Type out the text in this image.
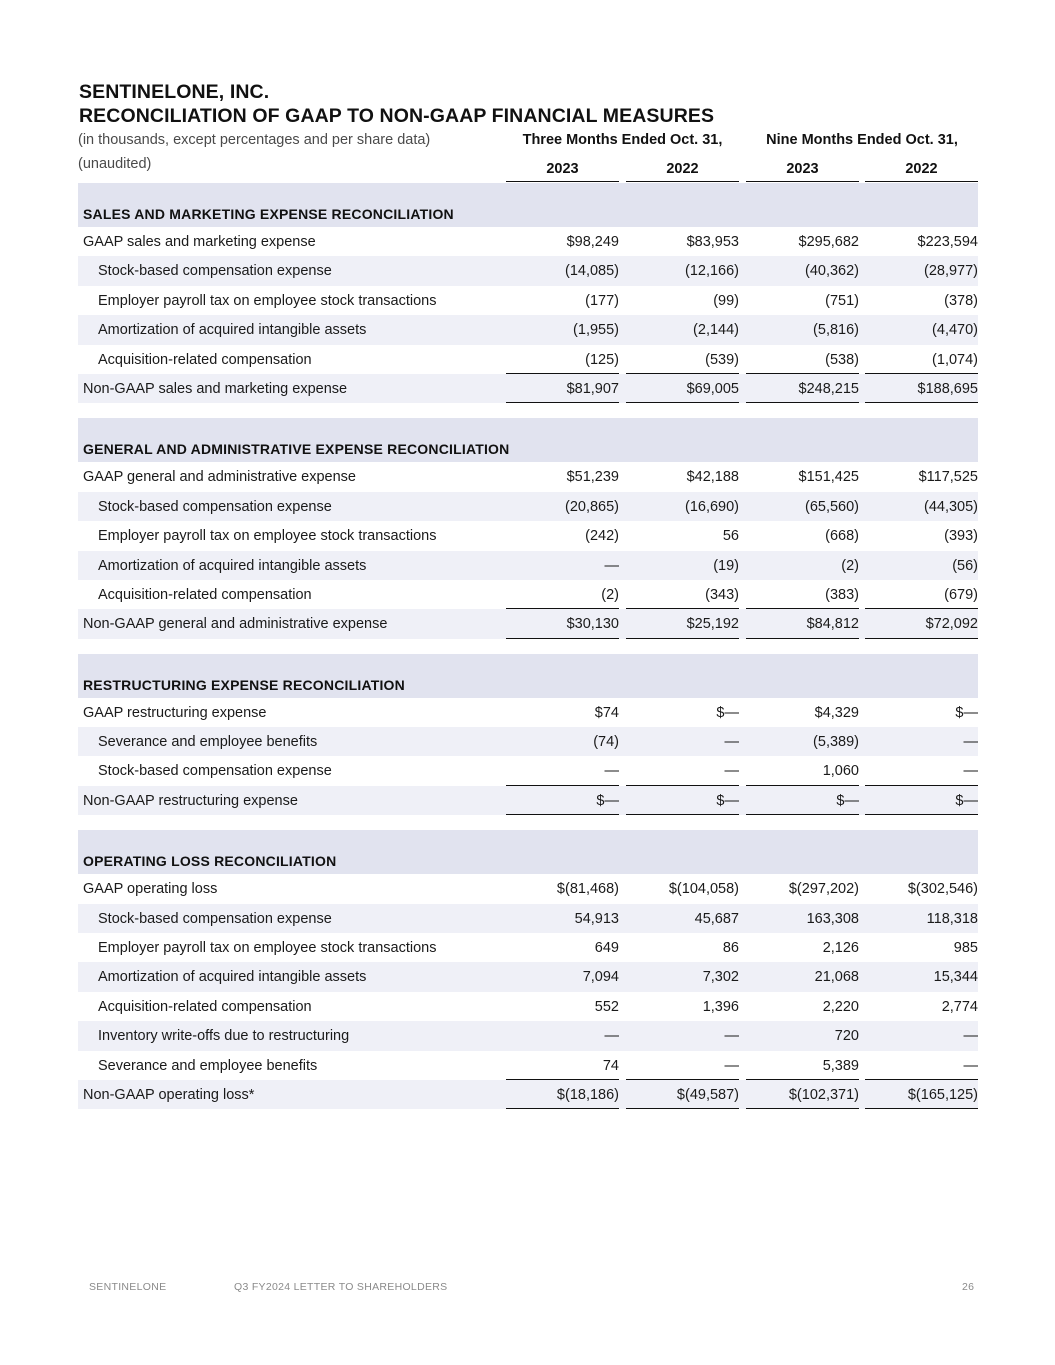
SENTINELONE, INC.
RECONCILIATION OF GAAP TO NON-GAAP FINANCIAL MEASURES
(in thousands, except percentages and per share data)
(unaudited)
Three Months Ended Oct. 31,	Nine Months Ended Oct. 31,
2023	2022	2023	2022
SALES AND MARKETING EXPENSE RECONCILIATION
GAAP sales and marketing expense	$98,249	$83,953	$295,682	$223,594
Stock-based compensation expense	(14,085)	(12,166)	(40,362)	(28,977)
Employer payroll tax on employee stock transactions	(177)	(99)	(751)	(378)
Amortization of acquired intangible assets	(1,955)	(2,144)	(5,816)	(4,470)
Acquisition-related compensation	(125)	(539)	(538)	(1,074)
Non-GAAP sales and marketing expense	$81,907	$69,005	$248,215	$188,695
GENERAL AND ADMINISTRATIVE EXPENSE RECONCILIATION
GAAP general and administrative expense	$51,239	$42,188	$151,425	$117,525
Stock-based compensation expense	(20,865)	(16,690)	(65,560)	(44,305)
Employer payroll tax on employee stock transactions	(242)	56	(668)	(393)
Amortization of acquired intangible assets	—	(19)	(2)	(56)
Acquisition-related compensation	(2)	(343)	(383)	(679)
Non-GAAP general and administrative expense	$30,130	$25,192	$84,812	$72,092
RESTRUCTURING EXPENSE RECONCILIATION
GAAP restructuring expense	$74	$—	$4,329	$—
Severance and employee benefits	(74)	—	(5,389)	—
Stock-based compensation expense	—	—	1,060	—
Non-GAAP restructuring expense	$—	$—	$—	$—
OPERATING LOSS RECONCILIATION
GAAP operating loss	$(81,468)	$(104,058)	$(297,202)	$(302,546)
Stock-based compensation expense	54,913	45,687	163,308	118,318
Employer payroll tax on employee stock transactions	649	86	2,126	985
Amortization of acquired intangible assets	7,094	7,302	21,068	15,344
Acquisition-related compensation	552	1,396	2,220	2,774
Inventory write-offs due to restructuring	—	—	720	—
Severance and employee benefits	74	—	5,389	—
Non-GAAP operating loss*	$(18,186)	$(49,587)	$(102,371)	$(165,125)
SENTINELONE	Q3 FY2024 LETTER TO SHAREHOLDERS	26
